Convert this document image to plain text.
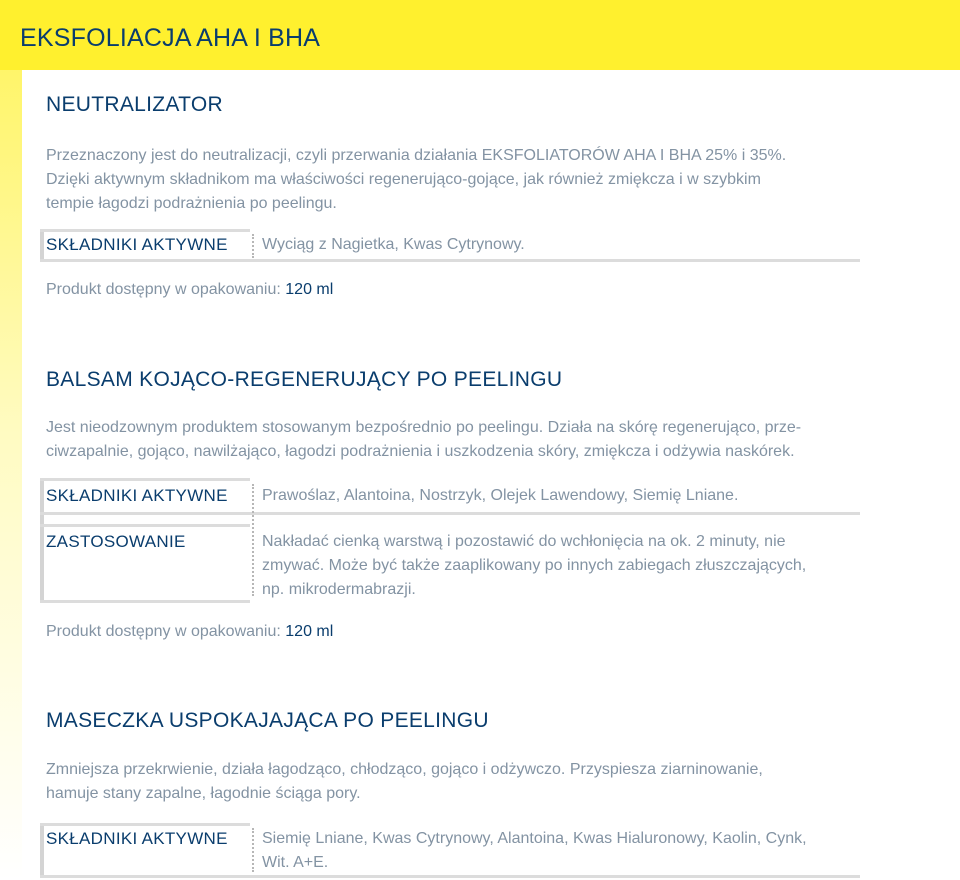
EKSFOLIACJA AHA I BHA
NEUTRALIZATOR
Przeznaczony jest do neutralizacji, czyli przerwania działania EKSFOLIATORÓW AHA I BHA 25% i 35%.
Dzięki aktywnym składnikom ma właściwości regenerująco-gojące, jak również zmiękcza i w szybkim
tempie łagodzi podrażnienia po peelingu.
SKŁADNIKI AKTYWNE	Wyciąg z Nagietka, Kwas Cytrynowy.

Produkt dostępny w opakowaniu: 120 ml

BALSAM KOJĄCO-REGENERUJĄCY PO PEELINGU
Jest nieodzownym produktem stosowanym bezpośrednio po peelingu. Działa na skórę regenerująco, prze-
ciwzapalnie, gojąco, nawilżająco, łagodzi podrażnienia i uszkodzenia skóry, zmiękcza i odżywia naskórek.
SKŁADNIKI AKTYWNE	Prawoślaz, Alantoina, Nostrzyk, Olejek Lawendowy, Siemię Lniane.
ZASTOSOWANIE	Nakładać cienką warstwą i pozostawić do wchłonięcia na ok. 2 minuty, nie
zmywać. Może być także zaaplikowany po innych zabiegach złuszczających,
np. mikrodermabrazji.

Produkt dostępny w opakowaniu: 120 ml

MASECZKA USPOKAJAJĄCA PO PEELINGU
Zmniejsza przekrwienie, działa łagodząco, chłodząco, gojąco i odżywczo. Przyspiesza ziarninowanie,
hamuje stany zapalne, łagodnie ściąga pory.
SKŁADNIKI AKTYWNE	Siemię Lniane, Kwas Cytrynowy, Alantoina, Kwas Hialuronowy, Kaolin, Cynk,
Wit. A+E.
